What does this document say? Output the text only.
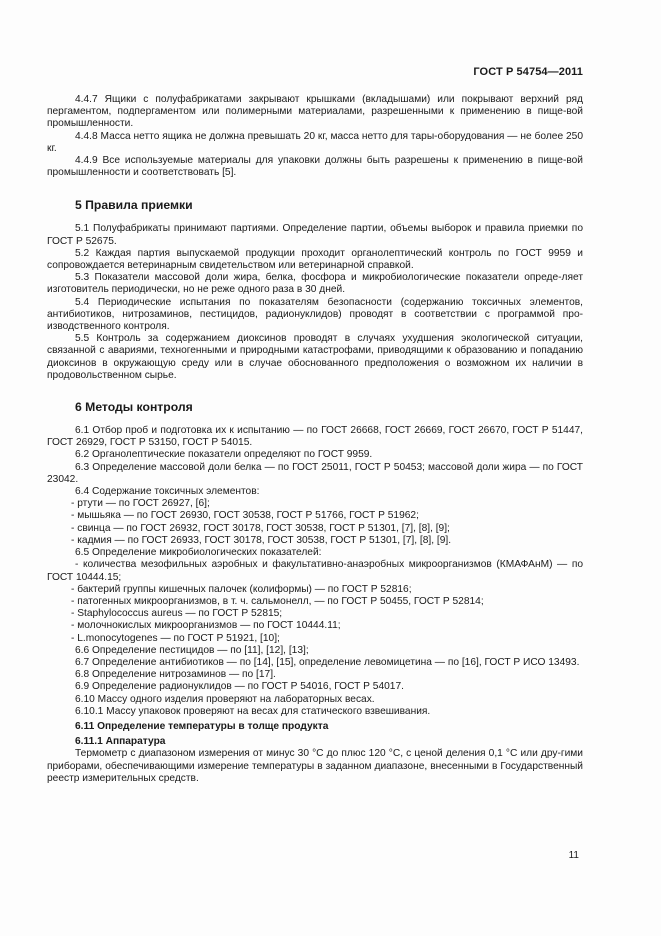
ГОСТ Р 54754—2011

4.4.7 Ящики с полуфабрикатами закрывают крышками (вкладышами) или покрывают верхний ряд пергаментом, подпергаментом или полимерными материалами, разрешенными к применению в пище-вой промышленности.

4.4.8 Масса нетто ящика не должна превышать 20 кг, масса нетто для тары-оборудования — не более 250 кг.

4.4.9 Все используемые материалы для упаковки должны быть разрешены к применению в пище-вой промышленности и соответствовать [5].

5 Правила приемки

5.1 Полуфабрикаты принимают партиями. Определение партии, объемы выборок и правила приемки по ГОСТ Р 52675.

5.2 Каждая партия выпускаемой продукции проходит органолептический контроль по ГОСТ 9959 и сопровождается ветеринарным свидетельством или ветеринарной справкой.

5.3 Показатели массовой доли жира, белка, фосфора и микробиологические показатели опреде-ляет изготовитель периодически, но не реже одного раза в 30 дней.

5.4 Периодические испытания по показателям безопасности (содержанию токсичных элементов, антибиотиков, нитрозаминов, пестицидов, радионуклидов) проводят в соответствии с программой про-изводственного контроля.

5.5 Контроль за содержанием диоксинов проводят в случаях ухудшения экологической ситуации, связанной с авариями, техногенными и природными катастрофами, приводящими к образованию и попаданию диоксинов в окружающую среду или в случае обоснованного предположения о возможном их наличии в продовольственном сырье.

6 Методы контроля

6.1 Отбор проб и подготовка их к испытанию — по ГОСТ 26668, ГОСТ 26669, ГОСТ 26670, ГОСТ Р 51447, ГОСТ 26929, ГОСТ Р 53150, ГОСТ Р 54015.

6.2 Органолептические показатели определяют по ГОСТ 9959.

6.3 Определение массовой доли белка — по ГОСТ 25011, ГОСТ Р 50453; массовой доли жира — по ГОСТ 23042.

6.4 Содержание токсичных элементов:

- ртути — по ГОСТ 26927, [6];

- мышьяка — по ГОСТ 26930, ГОСТ 30538, ГОСТ Р 51766, ГОСТ Р 51962;

- свинца — по ГОСТ 26932, ГОСТ 30178, ГОСТ 30538, ГОСТ Р 51301, [7], [8], [9];

- кадмия — по ГОСТ 26933, ГОСТ 30178, ГОСТ 30538, ГОСТ Р 51301, [7], [8], [9].

6.5 Определение микробиологических показателей:

- количества мезофильных аэробных и факультативно-анаэробных микроорганизмов (КМАФАнМ) — по ГОСТ 10444.15;

- бактерий группы кишечных палочек (колиформы) — по ГОСТ Р 52816;

- патогенных микроорганизмов, в т. ч. сальмонелл, — по ГОСТ Р 50455, ГОСТ Р 52814;

- Staphylococcus aureus — по ГОСТ Р 52815;

- молочнокислых микроорганизмов — по ГОСТ 10444.11;

- L.monocytogenes — по ГОСТ Р 51921, [10];

6.6 Определение пестицидов — по [11], [12], [13];

6.7 Определение антибиотиков — по [14], [15], определение левомицетина — по [16], ГОСТ Р ИСО 13493.

6.8 Определение нитрозаминов — по [17].

6.9 Определение радионуклидов — по ГОСТ Р 54016, ГОСТ Р 54017.

6.10 Массу одного изделия проверяют на лабораторных весах.

6.10.1 Массу упаковок проверяют на весах для статического взвешивания.

6.11 Определение температуры в толще продукта

6.11.1 Аппаратура

Термометр с диапазоном измерения от минус 30 °С до плюс 120 °С, с ценой деления 0,1 °С или дру-гими приборами, обеспечивающими измерение температуры в заданном диапазоне, внесенными в Государственный реестр измерительных средств.

11
